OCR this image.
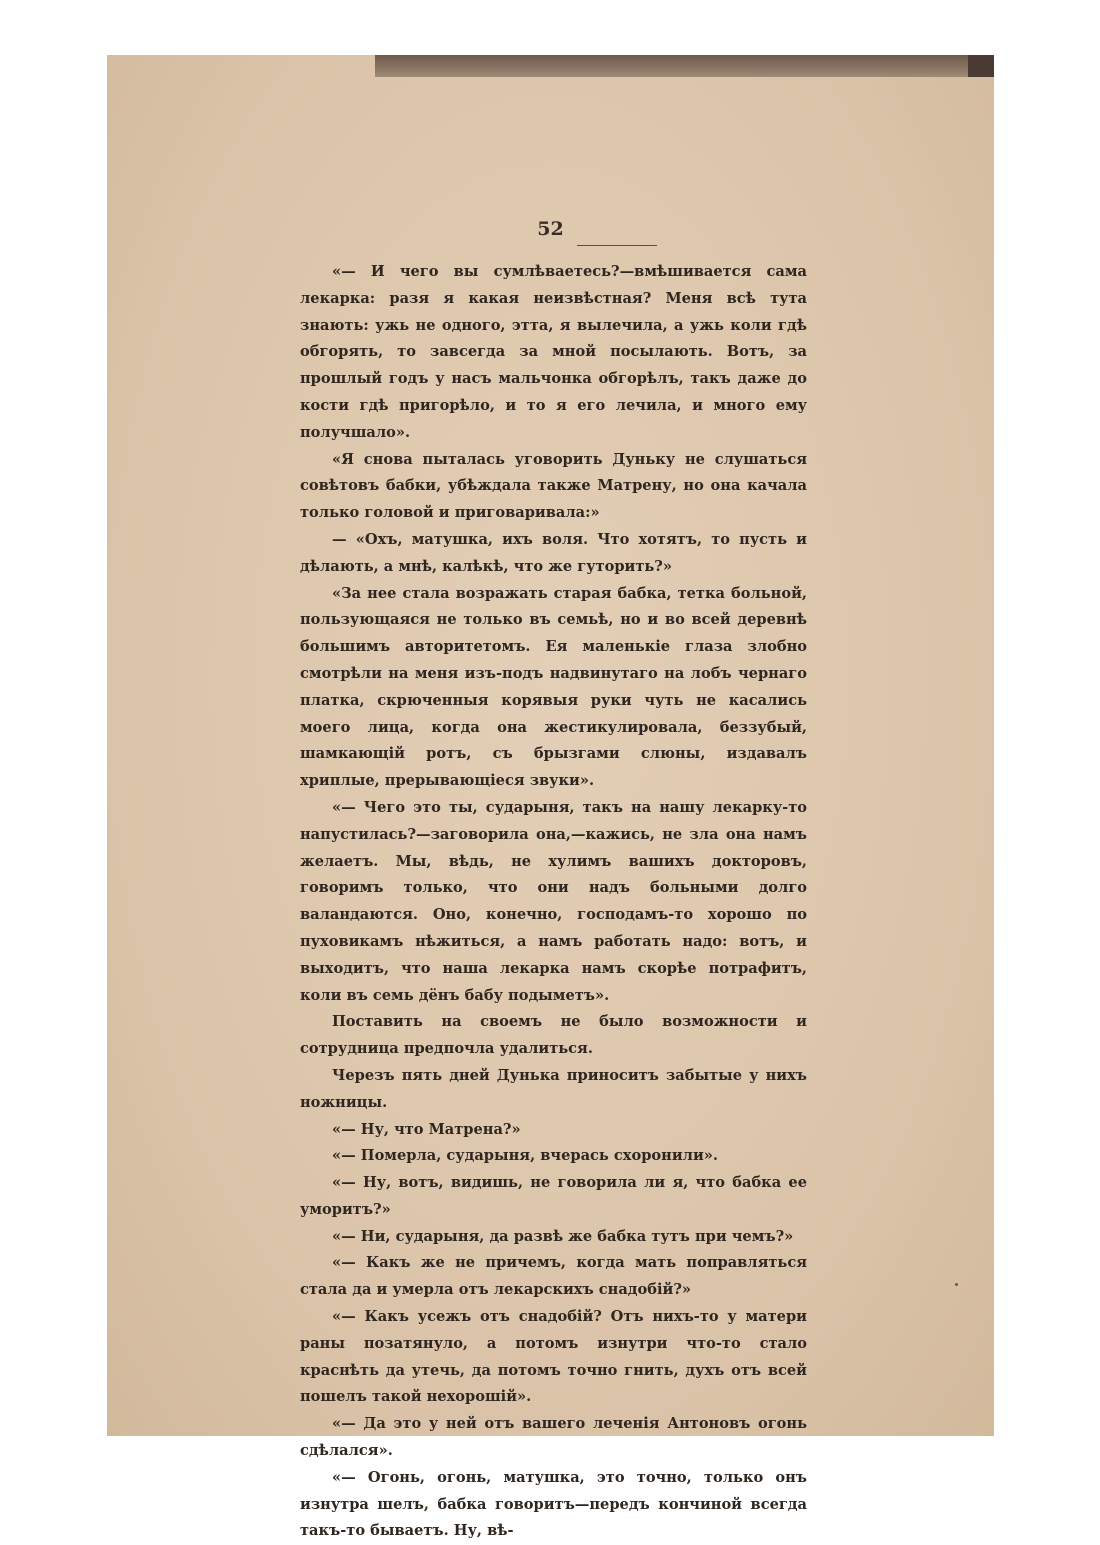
52

«— И чего вы сумлѣваетесь?—вмѣшивается сама лекарка: разя я какая неизвѣстная? Меня всѣ тута знають: ужь не одного, этта, я вылечила, а ужь коли гдѣ обгорять, то завсегда за мной посылають. Вотъ, за прошлый годъ у насъ мальчонка обгорѣлъ, такъ даже до кости гдѣ пригорѣло, и то я его лечила, и много ему получшало».

«Я снова пыталась уговорить Дуньку не слушаться совѣтовъ бабки, убѣждала также Матрену, но она качала только головой и приговаривала:»

— «Охъ, матушка, ихъ воля. Что хотятъ, то пусть и дѣлають, а мнѣ, калѣкѣ, что же гуторить?»

«За нее стала возражать старая бабка, тетка больной, пользующаяся не только въ семьѣ, но и во всей деревнѣ большимъ авторитетомъ. Ея маленькіе глаза злобно смотрѣли на меня изъ-подъ надвинутаго на лобъ чернаго платка, скрюченныя корявыя руки чуть не касались моего лица, когда она жестикулировала, беззубый, шамкающій ротъ, съ брызгами слюны, издавалъ хриплые, прерывающіеся звуки».

«— Чего это ты, сударыня, такъ на нашу лекарку-то напустилась?—заговорила она,—кажись, не зла она намъ желаетъ. Мы, вѣдь, не хулимъ вашихъ докторовъ, говоримъ только, что они надъ больными долго валандаются. Оно, конечно, господамъ-то хорошо по пуховикамъ нѣжиться, а намъ работать надо: вотъ, и выходитъ, что наша лекарка намъ скорѣе потрафитъ, коли въ семь дёнъ бабу подыметъ».

Поставить на своемъ не было возможности и сотрудница предпочла удалиться.

Черезъ пять дней Дунька приноситъ забытые у нихъ ножницы.

«— Ну, что Матрена?»

«— Померла, сударыня, вчерась схоронили».

«— Ну, вотъ, видишь, не говорила ли я, что бабка ее уморитъ?»

«— Ни, сударыня, да развѣ же бабка тутъ при чемъ?»

«— Какъ же не причемъ, когда мать поправляться стала да и умерла отъ лекарскихъ снадобій?»

«— Какъ усежъ отъ снадобій? Отъ нихъ-то у матери раны позатянуло, а потомъ изнутри что-то стало краснѣть да утечь, да потомъ точно гнить, духъ отъ всей пошелъ такой нехорошій».

«— Да это у ней отъ вашего леченія Антоновъ огонь сдѣлался».

«— Огонь, огонь, матушка, это точно, только онъ изнутра шелъ, бабка говоритъ—передъ кончиной всегда такъ-то бываетъ. Ну, вѣ-
